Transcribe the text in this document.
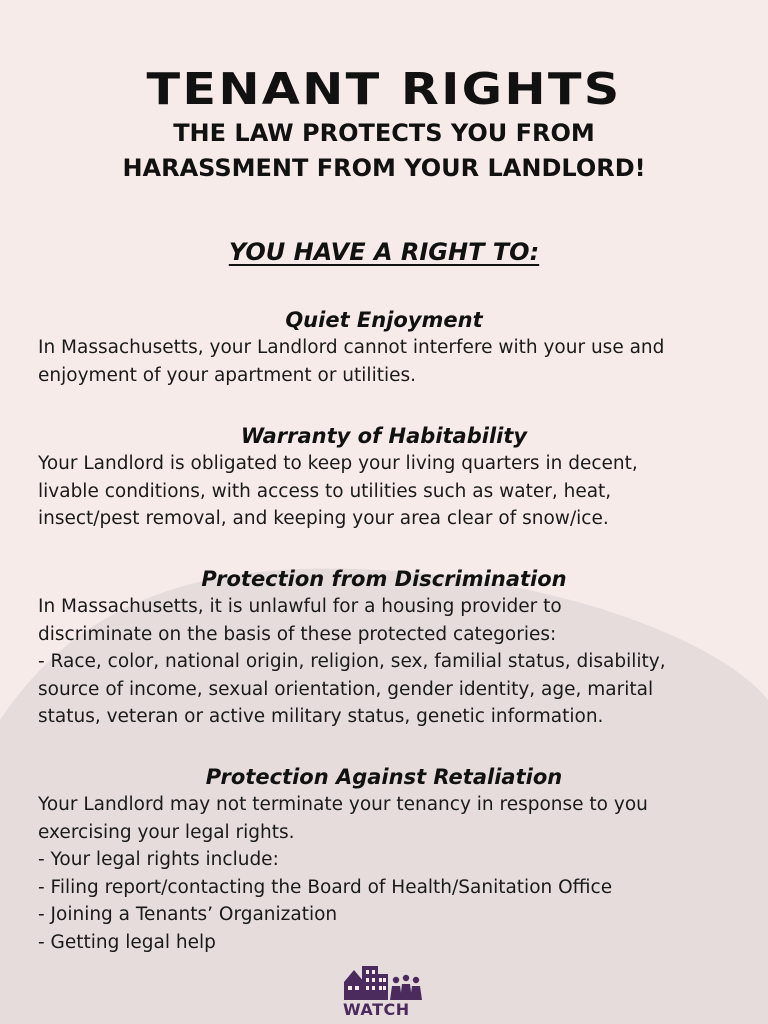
TENANT RIGHTS
THE LAW PROTECTS YOU FROM
HARASSMENT FROM YOUR LANDLORD!
YOU HAVE A RIGHT TO:
Quiet Enjoyment

In Massachusetts, your Landlord cannot interfere with your use and
enjoyment of your apartment or utilities.

Warranty of Habitability

Your Landlord is obligated to keep your living quarters in decent,
livable conditions, with access to utilities such as water, heat,
insect/pest removal, and keeping your area clear of snow/ice.

Protection from Discrimination

In Massachusetts, it is unlawful for a housing provider to
discriminate on the basis of these protected categories:
- Race, color, national origin, religion, sex, familial status, disability,
source of income, sexual orientation, gender identity, age, marital
status, veteran or active military status, genetic information.

Protection Against Retaliation

Your Landlord may not terminate your tenancy in response to you
exercising your legal rights.
- Your legal rights include:
- Filing report/contacting the Board of Health/Sanitation Office
- Joining a Tenants’ Organization
- Getting legal help

WATCH
